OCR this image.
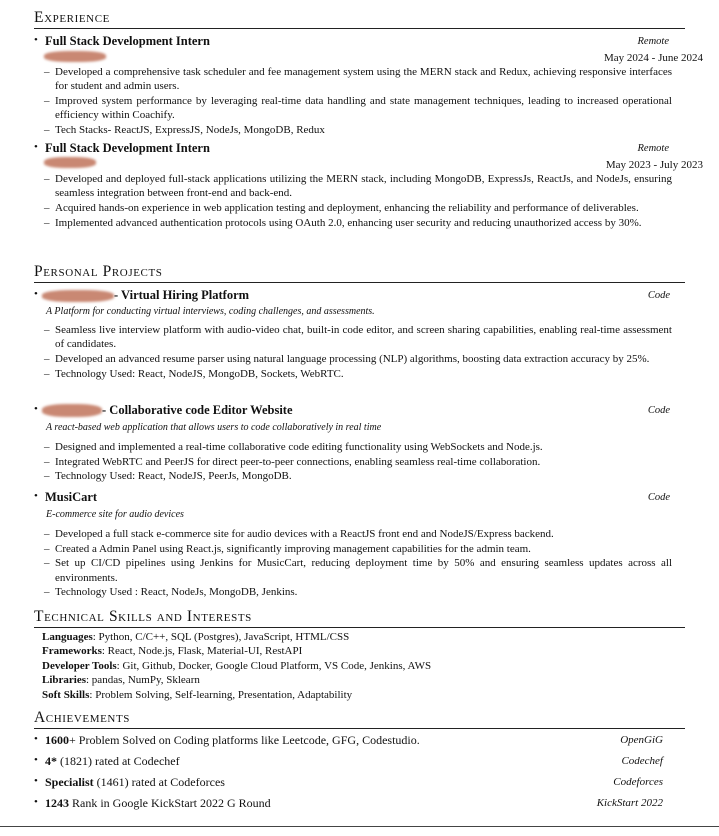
Experience
• Full Stack Development Intern	Remote
May 2024 - June 2024
– Developed a comprehensive task scheduler and fee management system using the MERN stack and Redux, achieving responsive interfaces for student and admin users.
– Improved system performance by leveraging real-time data handling and state management techniques, leading to increased operational efficiency within Coachify.
– Tech Stacks- ReactJS, ExpressJS, NodeJs, MongoDB, Redux
• Full Stack Development Intern	Remote
May 2023 - July 2023
– Developed and deployed full-stack applications utilizing the MERN stack, including MongoDB, ExpressJs, ReactJs, and NodeJs, ensuring seamless integration between front-end and back-end.
– Acquired hands-on experience in web application testing and deployment, enhancing the reliability and performance of deliverables.
– Implemented advanced authentication protocols using OAuth 2.0, enhancing user security and reducing unauthorized access by 30%.
Personal Projects
•	- Virtual Hiring Platform	Code
A Platform for conducting virtual interviews, coding challenges, and assessments.
– Seamless live interview platform with audio-video chat, built-in code editor, and screen sharing capabilities, enabling real-time assessment of candidates.
– Developed an advanced resume parser using natural language processing (NLP) algorithms, boosting data extraction accuracy by 25%.
– Technology Used: React, NodeJS, MongoDB, Sockets, WebRTC.
•	- Collaborative code Editor Website	Code
A react-based web application that allows users to code collaboratively in real time
– Designed and implemented a real-time collaborative code editing functionality using WebSockets and Node.js.
– Integrated WebRTC and PeerJS for direct peer-to-peer connections, enabling seamless real-time collaboration.
– Technology Used: React, NodeJS, PeerJs, MongoDB.
• MusiCart	Code
E-commerce site for audio devices
– Developed a full stack e-commerce site for audio devices with a ReactJS front end and NodeJS/Express backend.
– Created a Admin Panel using React.js, significantly improving management capabilities for the admin team.
– Set up CI/CD pipelines using Jenkins for MusicCart, reducing deployment time by 50% and ensuring seamless updates across all environments.
– Technology Used : React, NodeJs, MongoDB, Jenkins.
Technical Skills and Interests
Languages: Python, C/C++, SQL (Postgres), JavaScript, HTML/CSS
Frameworks: React, Node.js, Flask, Material-UI, RestAPI
Developer Tools: Git, Github, Docker, Google Cloud Platform, VS Code, Jenkins, AWS
Libraries: pandas, NumPy, Sklearn
Soft Skills: Problem Solving, Self-learning, Presentation, Adaptability
Achievements
• 1600+ Problem Solved on Coding platforms like Leetcode, GFG, Codestudio.	OpenGiG
• 4* (1821) rated at Codechef	Codechef
• Specialist (1461) rated at Codeforces	Codeforces
• 1243 Rank in Google KickStart 2022 G Round	KickStart 2022
